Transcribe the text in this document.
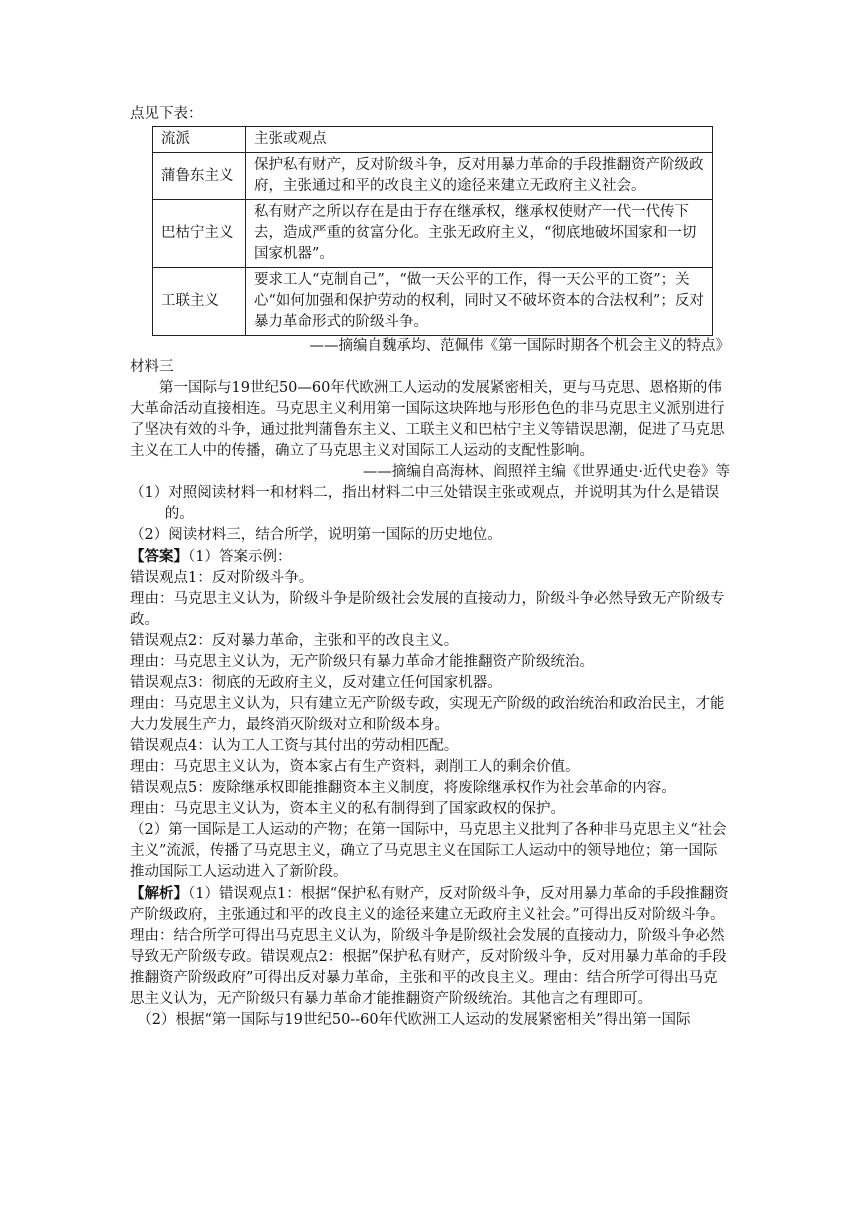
点见下表：
流派	主张或观点
蒲鲁东主义	保护私有财产，反对阶级斗争，反对用暴力革命的手段推翻资产阶级政府，主张通过和平的改良主义的途径来建立无政府主义社会。
巴枯宁主义	私有财产之所以存在是由于存在继承权，继承权使财产一代一代传下去，造成严重的贫富分化。主张无政府主义，“彻底地破坏国家和一切国家机器”。
工联主义	要求工人“克制自己”，“做一天公平的工作，得一天公平的工资”；关心“如何加强和保护劳动的权利，同时又不破坏资本的合法权利”；反对暴力革命形式的阶级斗争。
——摘编自魏承均、范佩伟《第一国际时期各个机会主义的特点》
材料三
第一国际与19世纪50—60年代欧洲工人运动的发展紧密相关，更与马克思、恩格斯的伟大革命活动直接相连。马克思主义利用第一国际这块阵地与形形色色的非马克思主义派别进行了坚决有效的斗争，通过批判蒲鲁东主义、工联主义和巴枯宁主义等错误思潮，促进了马克思主义在工人中的传播，确立了马克思主义对国际工人运动的支配性影响。
——摘编自高海林、阎照祥主编《世界通史·近代史卷》等
（1）对照阅读材料一和材料二，指出材料二中三处错误主张或观点，并说明其为什么是错误的。
（2）阅读材料三，结合所学，说明第一国际的历史地位。
【答案】（1）答案示例：
错误观点1：反对阶级斗争。
理由：马克思主义认为，阶级斗争是阶级社会发展的直接动力，阶级斗争必然导致无产阶级专政。
错误观点2：反对暴力革命，主张和平的改良主义。
理由：马克思主义认为，无产阶级只有暴力革命才能推翻资产阶级统治。
错误观点3：彻底的无政府主义，反对建立任何国家机器。
理由：马克思主义认为，只有建立无产阶级专政，实现无产阶级的政治统治和政治民主，才能大力发展生产力，最终消灭阶级对立和阶级本身。
错误观点4：认为工人工资与其付出的劳动相匹配。
理由：马克思主义认为，资本家占有生产资料，剥削工人的剩余价值。
错误观点5：废除继承权即能推翻资本主义制度，将废除继承权作为社会革命的内容。
理由：马克思主义认为，资本主义的私有制得到了国家政权的保护。
（2）第一国际是工人运动的产物；在第一国际中，马克思主义批判了各种非马克思主义“社会主义”流派，传播了马克思主义，确立了马克思主义在国际工人运动中的领导地位；第一国际推动国际工人运动进入了新阶段。
【解析】（1）错误观点1：根据“保护私有财产，反对阶级斗争，反对用暴力革命的手段推翻资产阶级政府，主张通过和平的改良主义的途径来建立无政府主义社会。”可得出反对阶级斗争。理由：结合所学可得出马克思主义认为，阶级斗争是阶级社会发展的直接动力，阶级斗争必然导致无产阶级专政。错误观点2：根据”保护私有财产，反对阶级斗争，反对用暴力革命的手段推翻资产阶级政府”可得出反对暴力革命，主张和平的改良主义。理由：结合所学可得出马克思主义认为，无产阶级只有暴力革命才能推翻资产阶级统治。其他言之有理即可。
（2）根据“第一国际与19世纪50--60年代欧洲工人运动的发展紧密相关”得出第一国际
